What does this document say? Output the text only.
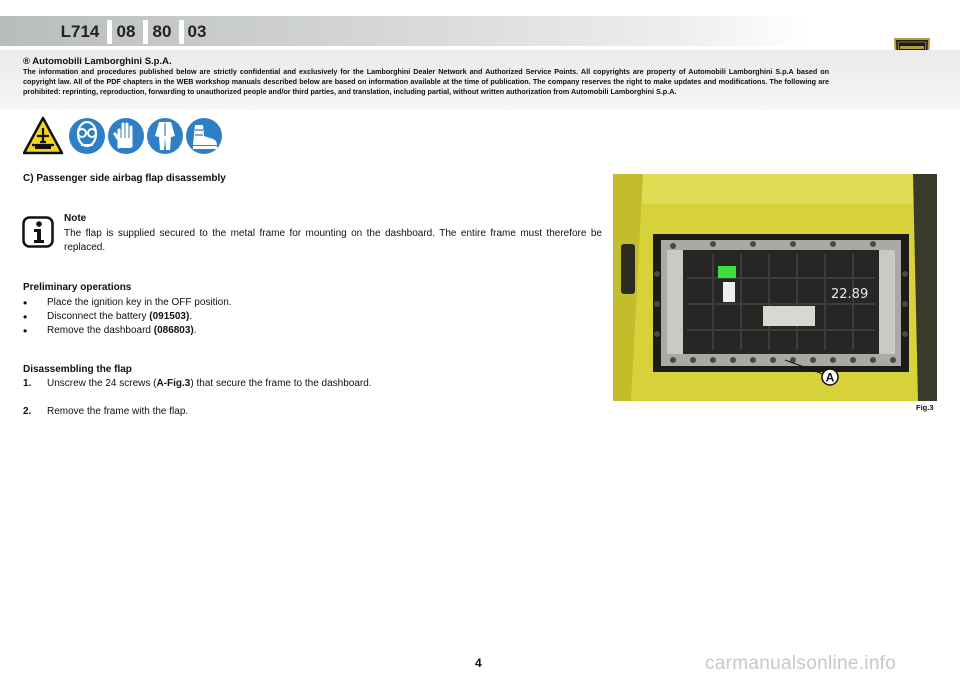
L714 08 80 03
® Automobili Lamborghini S.p.A.
The information and procedures published below are strictly confidential and exclusively for the Lamborghini Dealer Network and Authorized Service Points. All copyrights are property of Automobili Lamborghini S.p.A based on copyright law. All of the PDF chapters in the WEB workshop manuals described below are based on information available at the time of publication. The company reserves the right to make updates and modifications. The following are prohibited: reprinting, reproduction, forwarding to unauthorized people and/or third parties, and translation, including partial, without written authorization from Automobili Lamborghini S.p.A.
C) Passenger side airbag flap disassembly
Note
The flap is supplied secured to the metal frame for mounting on the dashboard. The entire frame must therefore be replaced.
Preliminary operations
• Place the ignition key in the OFF position.
• Disconnect the battery (091503).
• Remove the dashboard (086803).
Disassembling the flap
1. Unscrew the 24 screws (A-Fig.3) that secure the frame to the dashboard.
2. Remove the frame with the flap.
22.89
A
Fig.3
4	carmanualsonline.info
